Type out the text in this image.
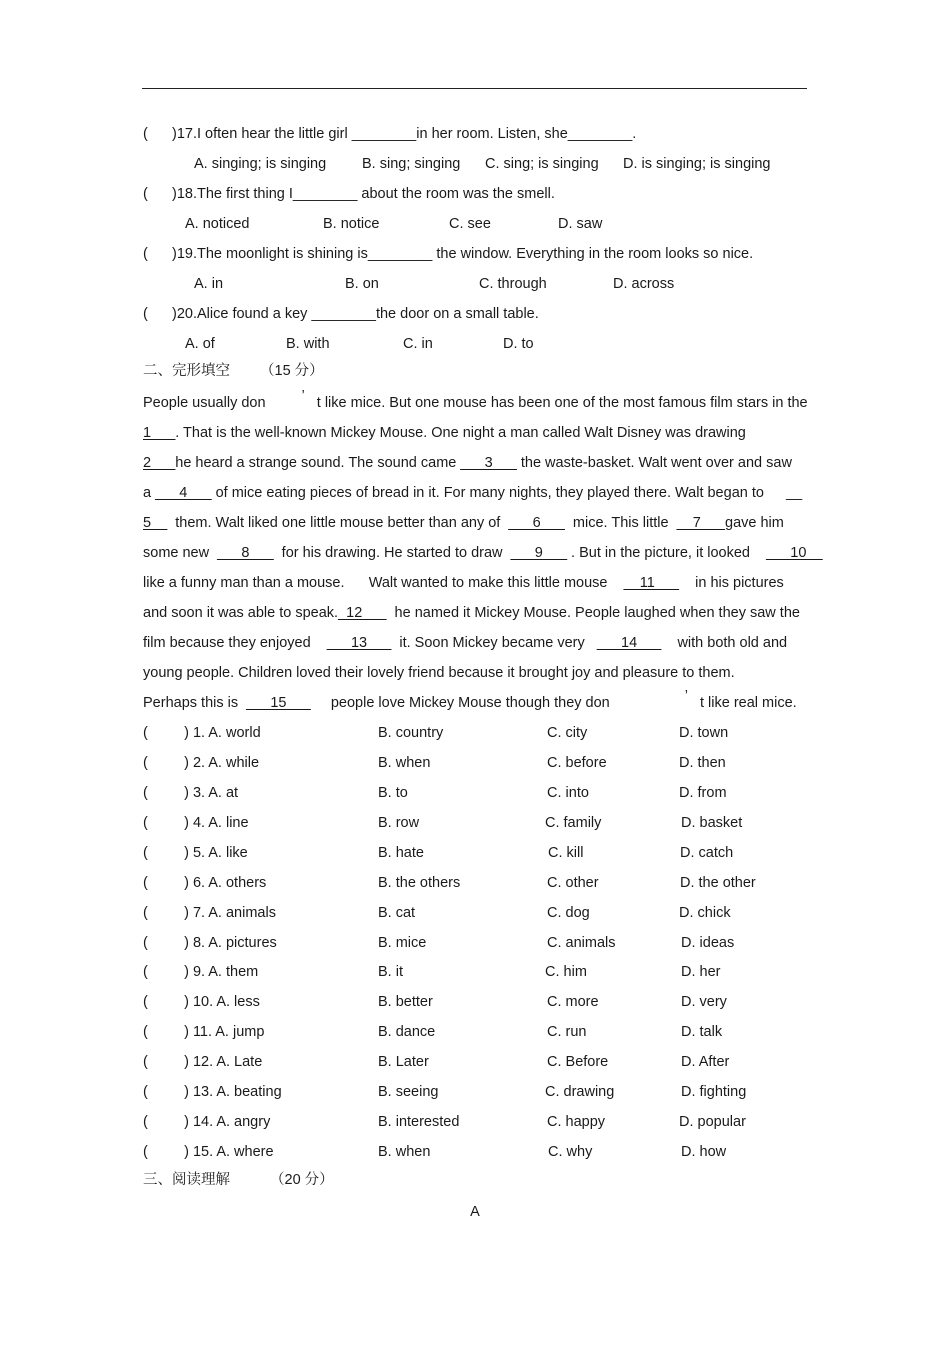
(      )17.I often hear the little girl ________in her room. Listen, she________.
A. singing; is singing B. sing; singing C. sing; is singing D. is singing; is singing
(      )18.The first thing I________ about the room was the smell.
A. noticed	B. notice	C. see	D. saw
(      )19.The moonlight is shining is________ the window. Everything in the room looks so nice.
A. in	B. on	C. through	D. across
(      )20.Alice found a key ________the door on a small table.
A. of	B. with	C. in	D. to
二、完形填空 （15 分）
People usually don ’ t like mice. But one mouse has been one of the most famous film stars in the
1___. That is the well-known Mickey Mouse. One night a man called Walt Disney was drawing
2___he heard a strange sound. The sound came ___3___ the waste-basket. Walt went over and saw
a ___4___ of mice eating pieces of bread in it. For many nights, they played there. Walt began to __
5__ them. Walt liked one little mouse better than any of ___6___ mice. This little __7___gave him
some new ___8___ for his drawing. He started to draw ___9___ . But in the picture, it looked ___10__
like a funny man than a mouse. Walt wanted to make this little mouse __11___ in his pictures
and soon it was able to speak._12___ he named it Mickey Mouse. People laughed when they saw the
film because they enjoyed ___13___ it. Soon Mickey became very ___14___ with both old and
young people. Children loved their lovely friend because it brought joy and pleasure to them.
Perhaps this is ___15___ people love Mickey Mouse though they don	’ t like real mice.
(         ) 1. A. world	B. country	C. city	D. town
(         ) 2. A. while	B. when	C. before	D. then
(         ) 3. A. at	B. to	C. into	D. from
(         ) 4. A. line	B. row	C. family	D. basket
(         ) 5. A. like	B. hate	C. kill	D. catch
(         ) 6. A. others	B. the others	C. other	D. the other
(         ) 7. A. animals	B. cat	C. dog	D. chick
(         ) 8. A. pictures	B. mice	C. animals	D. ideas
(         ) 9. A. them	B. it	C. him	D. her
(         ) 10. A. less	B. better	C. more	D. very
(         ) 11. A. jump	B. dance	C. run	D. talk
(         ) 12. A. Late	B. Later	C. Before	D. After
(         ) 13. A. beating	B. seeing	C. drawing	D. fighting
(         ) 14. A. angry	B. interested	C. happy	D. popular
(         ) 15. A. where	B. when	C. why	D. how
三、阅读理解	（20 分）
A
